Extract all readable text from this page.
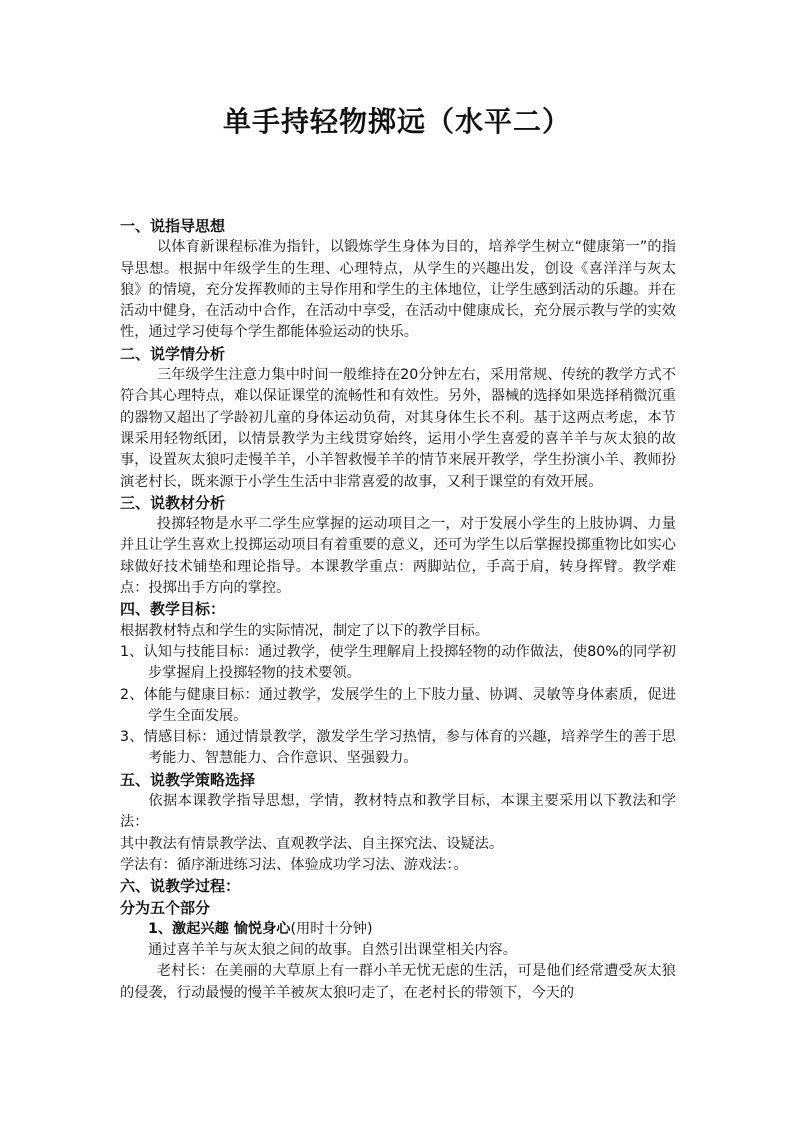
单手持轻物掷远（水平二）

一、说指导思想

以体育新课程标准为指针，以锻炼学生身体为目的，培养学生树立“健康第一”的指导思想。根据中年级学生的生理、心理特点，从学生的兴趣出发，创设《喜洋洋与灰太狼》的情境，充分发挥教师的主导作用和学生的主体地位，让学生感到活动的乐趣。并在活动中健身，在活动中合作，在活动中享受，在活动中健康成长，充分展示教与学的实效性，通过学习使每个学生都能体验运动的快乐。

二、说学情分析

三年级学生注意力集中时间一般维持在20分钟左右，采用常规、传统的教学方式不符合其心理特点，难以保证课堂的流畅性和有效性。另外，器械的选择如果选择稍微沉重的器物又超出了学龄初儿童的身体运动负荷，对其身体生长不利。基于这两点考虑，本节课采用轻物纸团，以情景教学为主线贯穿始终，运用小学生喜爱的喜羊羊与灰太狼的故事，设置灰太狼叼走慢羊羊，小羊智救慢羊羊的情节来展开教学，学生扮演小羊、教师扮演老村长，既来源于小学生生活中非常喜爱的故事，又利于课堂的有效开展。

三、说教材分析

投掷轻物是水平二学生应掌握的运动项目之一，对于发展小学生的上肢协调、力量并且让学生喜欢上投掷运动项目有着重要的意义，还可为学生以后掌握投掷重物比如实心球做好技术铺垫和理论指导。本课教学重点：两脚站位，手高于肩，转身挥臂。教学难点：投掷出手方向的掌控。

四、教学目标：

根据教材特点和学生的实际情况，制定了以下的教学目标。

1、认知与技能目标：通过教学，使学生理解肩上投掷轻物的动作做法，使80%的同学初步掌握肩上投掷轻物的技术要领。

2、体能与健康目标：通过教学，发展学生的上下肢力量、协调、灵敏等身体素质，促进学生全面发展。

3、情感目标：通过情景教学，激发学生学习热情，参与体育的兴趣，培养学生的善于思考能力、智慧能力、合作意识、坚强毅力。

五、说教学策略选择

依据本课教学指导思想，学情，教材特点和教学目标，本课主要采用以下教法和学法：

其中教法有情景教学法、直观教学法、自主探究法、设疑法。

学法有：循序渐进练习法、体验成功学习法、游戏法：。

六、说教学过程：

分为五个部分

1、激起兴趣 愉悦身心(用时十分钟)

通过喜羊羊与灰太狼之间的故事。自然引出课堂相关内容。

老村长：在美丽的大草原上有一群小羊无忧无虑的生活，可是他们经常遭受灰太狼的侵袭，行动最慢的慢羊羊被灰太狼叼走了，在老村长的带领下，今天的
